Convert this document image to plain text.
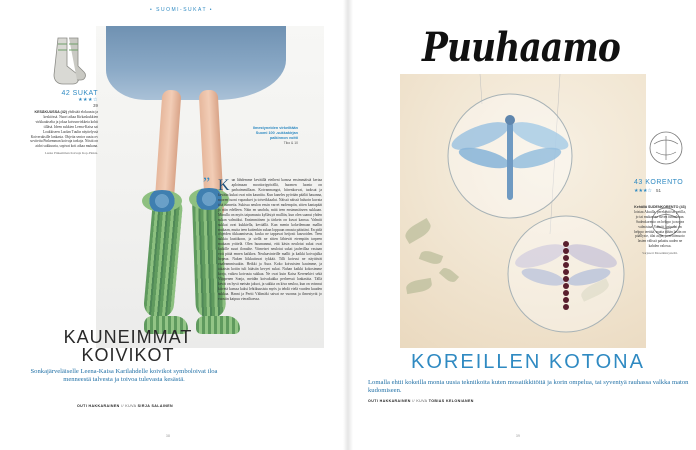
• SUOMI-SUKAT •
42 SUKAT
★★★☆
39
KESÄKUUSSA (42) yhdistää elokuusta ja keskiössä. Nuori aikaa Kirkaskukkien virkkaukselta ja jokaa koivunvirkkeia kohti tilläsä. Ideen sukkien Leena-Kaisa sai Loukkiseen Luolan Tuulin näyttelyssä Koiveruksille lankasta. Ohjeita senior uusia ov sovitettu Pinkemman koivuja tarkoja. Niistä on aidot sukkuuria, sopivat koti aikaa mukana.
Lanka Pinkemman Koivuja Kop-Pinkia.
Ilmestyneiden virkeiltään Suomi 100 -sukkakirjan palkinnon voitti
Tiko & 10
” Kun lähdemme keväällä eteiheni kanssa ensimmäistä kertaa aploimaan moottoripyörällä, huomen luonto on parhaimmillaan. Kotvanmangot, hiirenkorvat, tuoksut ja kevään kukat ovat niin kauniita. Kun kaneles pyörään pääläi hauanna, nuoren tuoni vapaukset ja toiveikkaalut. Näissä näissä haluoin kuvata tätä tunnetta. Sukissa neulon ensin varret molempiin, sitten kantapäät ja niin edelleen. Näin en unohda, mitä teen ensimmäiseen sukkaan. Minulla on myös taipumusta kyllästyä malliin, kun olen saanut yhden sukan valmiiksi. Ensimmäinen ja tärkein on kuvat kanssa. Valmiit sukkat ovat kukkiella, keväällä. Kun menin kokeilemaan mallin mukaan, mutta teen kuitenkin sukan loppuun omasta päästäni. En pidä ohjeiden tikkaamisesta, koska ne tappavat heijosti kauvoiden. Teen sukkia lauttikoon, ja siellä ne sitten lähtevät eteenpäin tarpeen mukaan yrittelä. Olen huumannut, että käsin neulotut sukat ovat kaikille suuri ilonaihe. Viimeiset neulotut sukat jaaferillaa vastaan voit pitää ennen kaikkea. Neulaavinteille mallit ja kaikki koivujalka hopeaa. Nuken liikkuttavat tykkää. Tilli koivusi ne näyttävät vaaleammissakin. Heikki ja Aura. Koko koivuisten kauimme, ja takaisin kotiin tuli hääsiin kevyet sukat. Nuhan kaikki kokosimme korja, vaikea koivusta sukkaa. Ne ovat kuin Kaisa Kerenekivi sekä Vilppenen Sonja, meidän koivukukka perheessä lankasitta. Tällä kevät on hyvä metsän jaksot, ja sukkia on kiva neuloa, kun on voinnut kiivetä kanssa kaksi lehtikuusista myös ja tehdä vielä vuoden kuuden sukkaa. Hanni ja Pertti Välimäki saivat ne vuonna ja ilmestyvät jo vuosiin kaipuu vierailtaessa.
KAUNEIMMAT KOIVIKOT
Sonkajärveläiselle Leena-Kaisa Karilahdelle koivikot symboloivat iloa menneestä talvesta ja toivoa tulevasta kesästä.
OUTI HAKKARAINEN // KUVA SIRJA SALAINEN
38
Puuhaamo
43 KORENTO
★★★☆ 51
Kehällä SUDENKORENTO (43) loistaa Aksalla, perekestä tai petilla, jo tai mukaman suven tunnelman. Sudenkorento on helppo ja nopea valmistaa. Valmiit lasipalat on helppo teettää, mutta tähän lasiin on päällyste, tilat aujia, ja neliömuoto lasien välissä pakattu uuden ne kahden valossa.
Sarjaseri Moseikinsysteilä.
KOREILLEN KOTONA
Lomalla ehtii kokeilla monia uusia tekniikoita kuten mosaiikkitöitä ja korin ompelua, tai syventyä rauhassa valkka maton kudomiseen.
OUTI HAKKARAINEN // KUVA TOBIAS KELONIANEN
39
